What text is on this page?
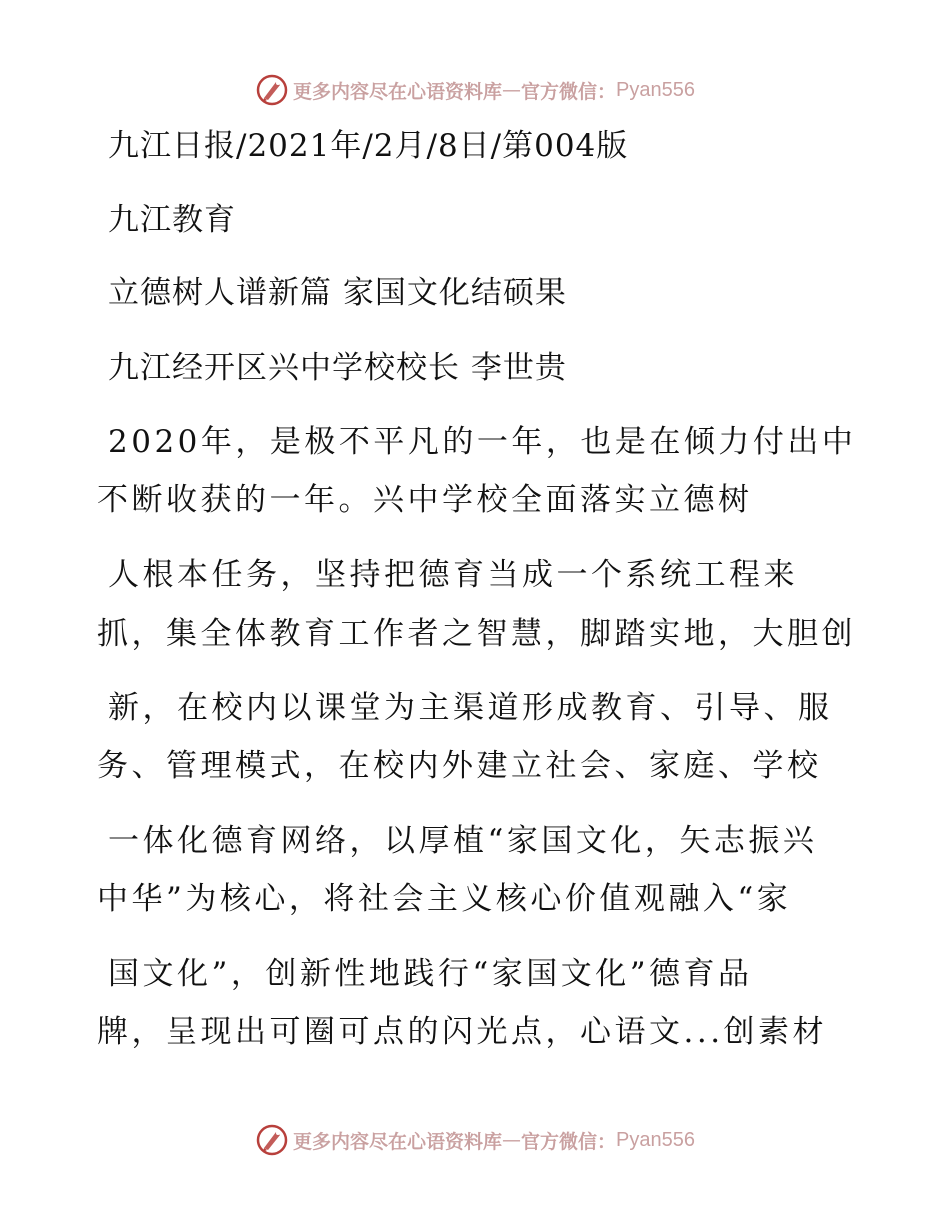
更多内容尽在心语资料库 — 官方微信： Pyan556

九江日报/2021年/2月/8日/第004版

九江教育

立德树人谱新篇 家国文化结硕果

九江经开区兴中学校校长 李世贵

2020年，是极不平凡的一年，也是在倾力付出中

不断收获的一年。兴中学校全面落实立德树

人根本任务，坚持把德育当成一个系统工程来

抓，集全体教育工作者之智慧，脚踏实地，大胆创

新，在校内以课堂为主渠道形成教育、引导、服

务、管理模式，在校内外建立社会、家庭、学校

一体化德育网络，以厚植“家国文化，矢志振兴

中华”为核心，将社会主义核心价值观融入“家

国文化”，创新性地践行“家国文化”德育品

牌，呈现出可圈可点的闪光点，心语文...创素材

更多内容尽在心语资料库 — 官方微信： Pyan556
